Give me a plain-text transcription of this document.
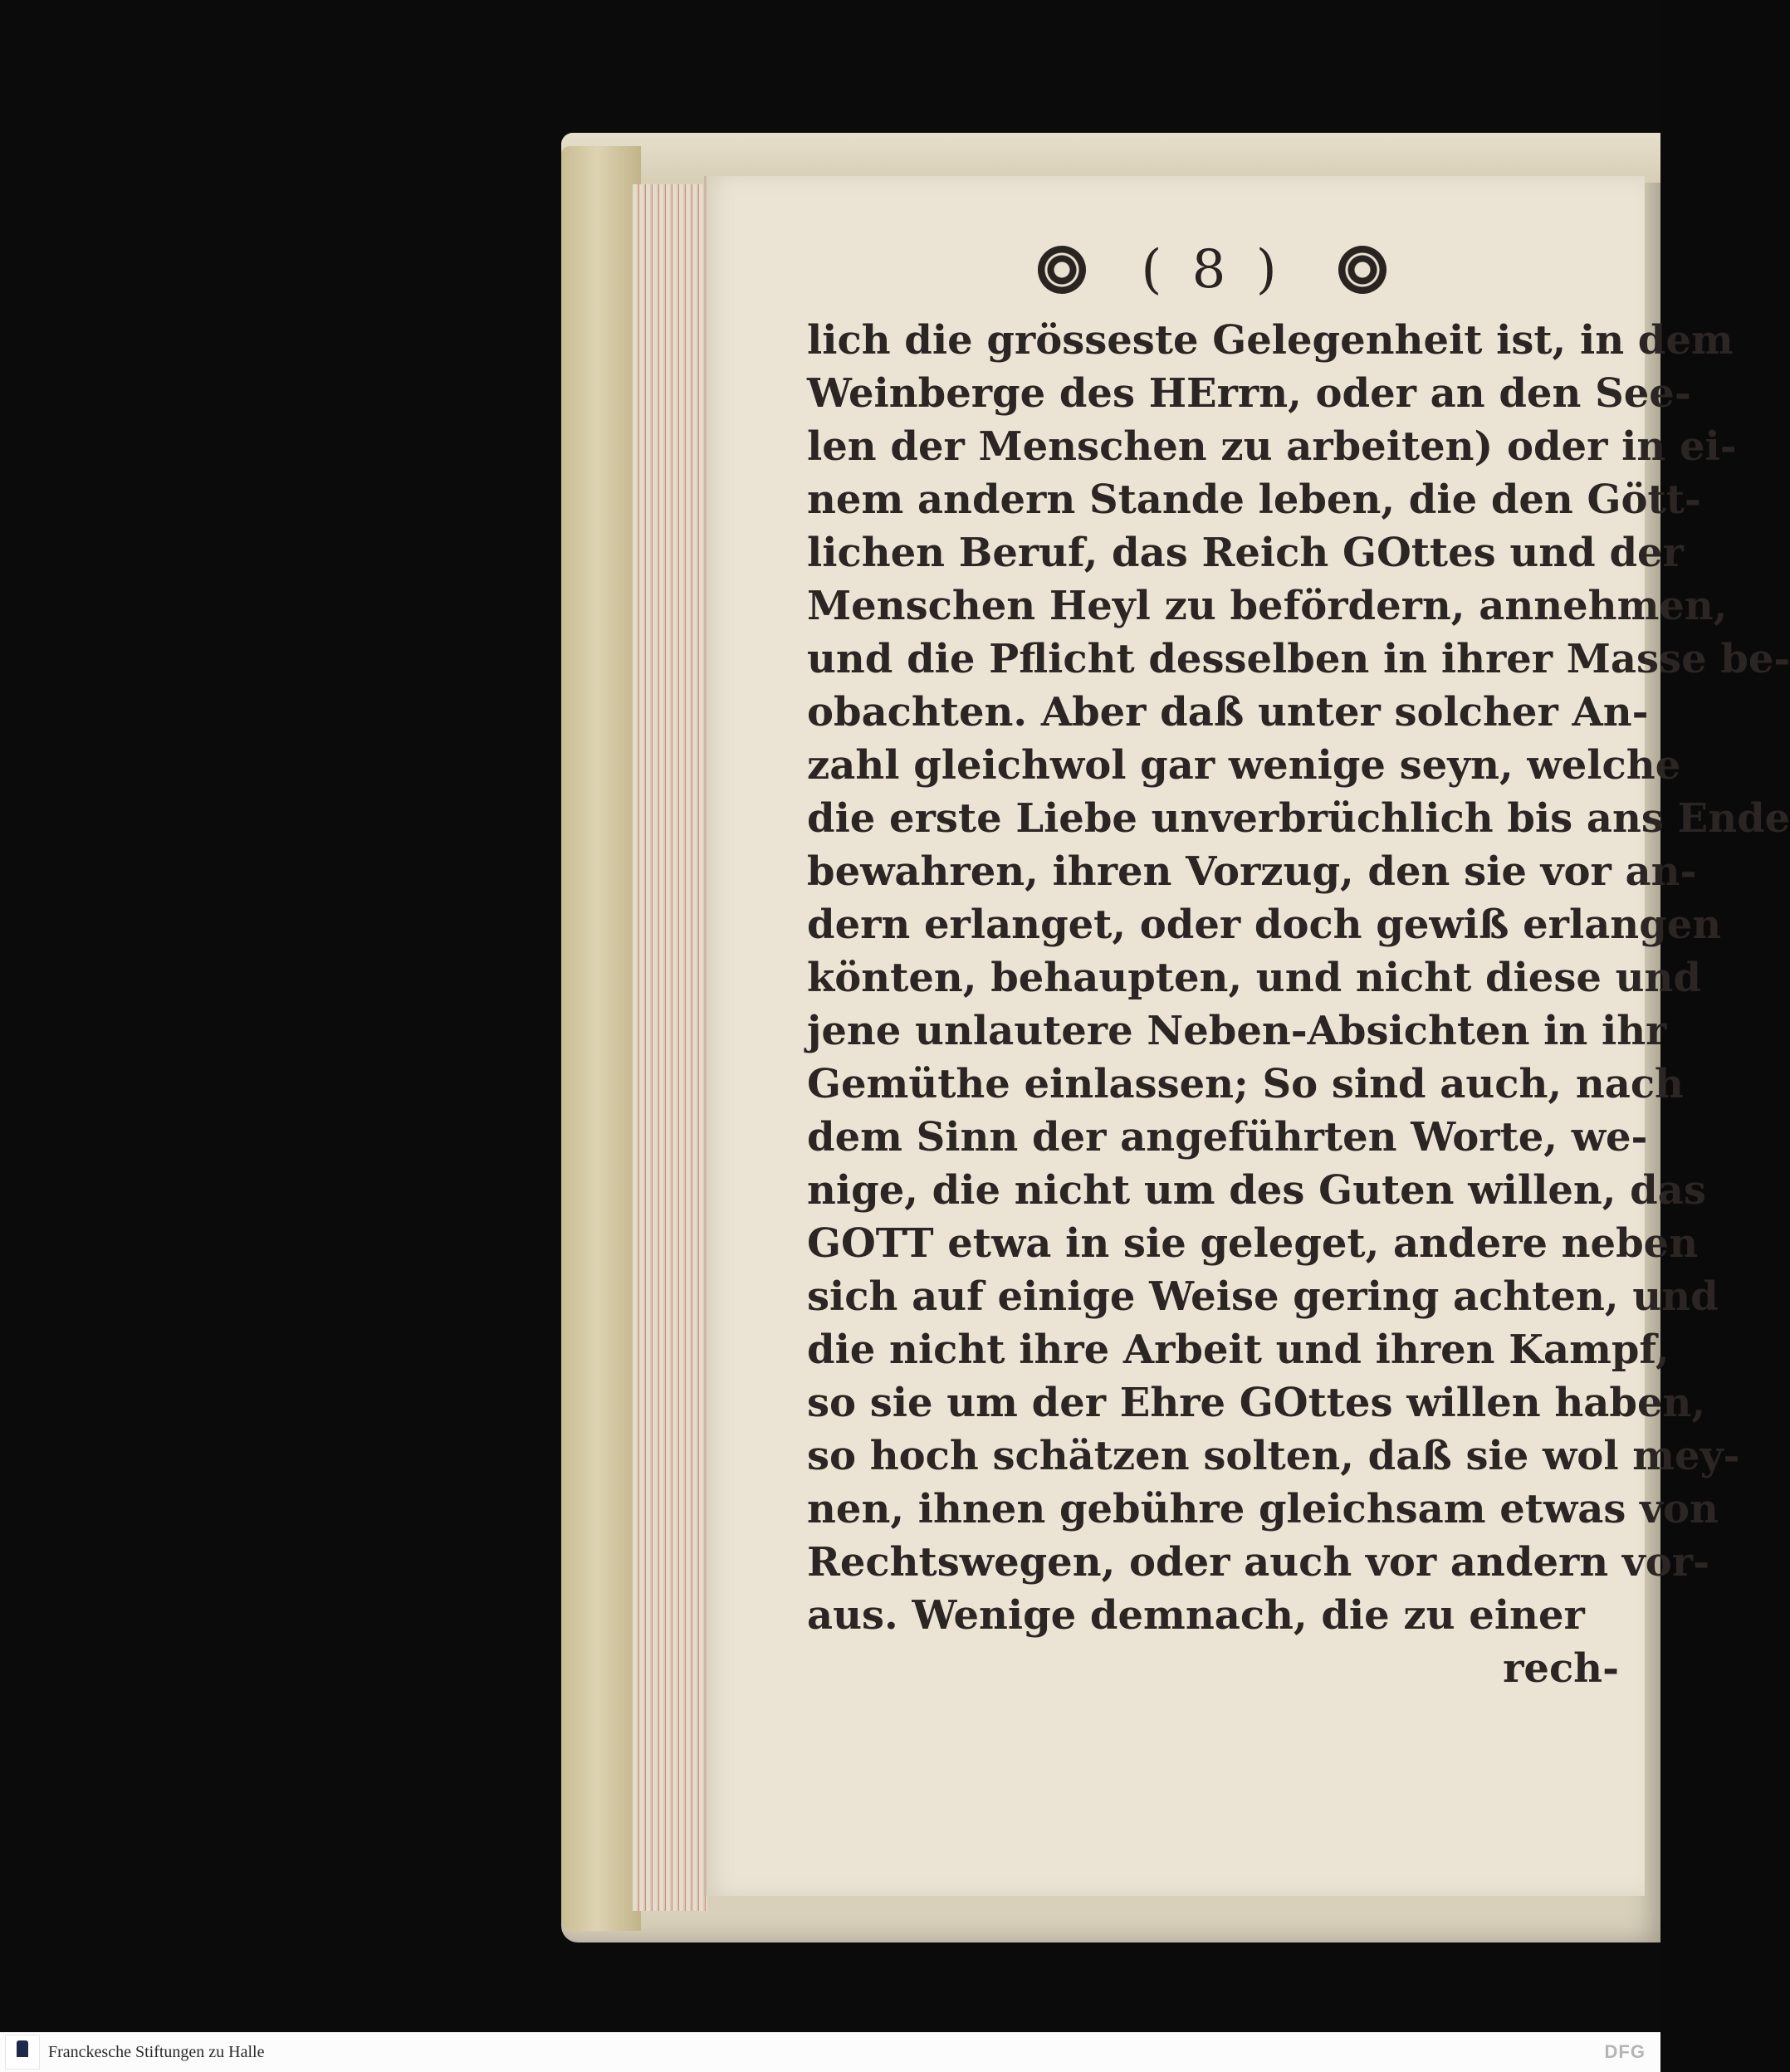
( 8 )
lich die grösseste Gelegenheit ist, in dem
Weinberge des HErrn, oder an den See-
len der Menschen zu arbeiten) oder in ei-
nem andern Stande leben, die den Gött-
lichen Beruf, das Reich GOttes und der
Menschen Heyl zu befördern, annehmen,
und die Pflicht desselben in ihrer Masse be-
obachten. Aber daß unter solcher An-
zahl gleichwol gar wenige seyn, welche
die erste Liebe unverbrüchlich bis ans Ende
bewahren, ihren Vorzug, den sie vor an-
dern erlanget, oder doch gewiß erlangen
könten, behaupten, und nicht diese und
jene unlautere Neben-Absichten in ihr
Gemüthe einlassen; So sind auch, nach
dem Sinn der angeführten Worte, we-
nige, die nicht um des Guten willen, das
GOTT etwa in sie geleget, andere neben
sich auf einige Weise gering achten, und
die nicht ihre Arbeit und ihren Kampf,
so sie um der Ehre GOttes willen haben,
so hoch schätzen solten, daß sie wol mey-
nen, ihnen gebühre gleichsam etwas von
Rechtswegen, oder auch vor andern vor-
aus. Wenige demnach, die zu einer
rech-
Franckesche Stiftungen zu Halle	DFG
